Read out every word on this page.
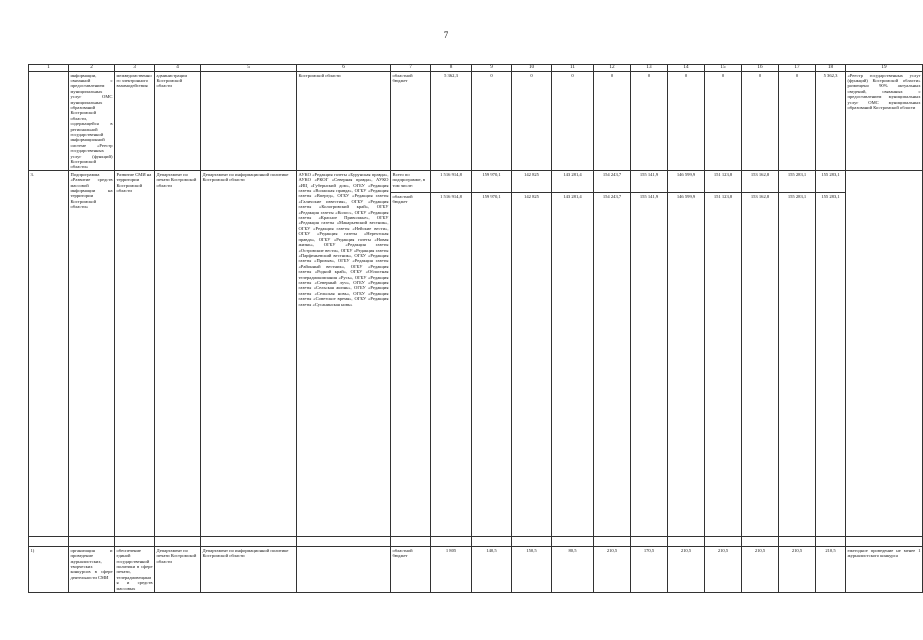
7
1	2	3	4	5	6	7	8	9	10	11	12	13	14	15	16	17	18	19
	информации, связанной с предоставлением муниципальных услуг ОМС муниципальных образований Костромской области, содержащейся в региональной государственной информационной системе «Реестр государственных услуг (функций) Костромской области»	межведомственного электронного взаимодействия	администрации Костромской области		Костромской области	областной бюджет	5 362,3	0	0	0	0	0	0	0	0	0	5 362,3	«Реестр государственных услуг (функций) Костромской области» размещено 90% актуальных сведений, связанных с предоставлением муниципальных услуг ОМС муниципальных образований Костромской области
3.	Подпрограмма «Развитие средств массовой информации на территории Костромской области»	Развитие СМИ на территории Костромской области	Департамент по печати Костромской области	Департамент по информационной политике Костромской области	АУКО «Редакция газеты «Бурунская правда», АУКО «РКОГ «Северная правда», АУКО «ИЦ «Губернский дом», ОГБУ «Редакция газеты «Волжская правда», ОГБУ «Редакция газеты «Вперед», ОГБУ «Редакция газеты «Галичские известия», ОГБУ «Редакция газеты «Кологривский край», ОГБУ «Редакция газеты «Колос», ОГБУ «Редакция газеты «Красное Приволжье», ОГБУ «Редакция газеты «Макарьевский вестник», ОГБУ «Редакция газеты «Нейские вести», ОГБУ «Редакция газеты «Нерехтская правда», ОГБУ «Редакция газеты «Новая жизнь», ОГБУ «Редакция газеты «Островские вести», ОГБУ «Редакция газеты «Парфеньевский вестник», ОГБУ «Редакция газеты «Призыв», ОГБУ «Редакция газеты «Районный вестник», ОГБУ «Редакция газеты «Родной край», ОГБУ «Областная телерадиокомпания «Русь», ОГБУ «Редакция газеты «Северный луч», ОГБУ «Редакция газеты «Сельская жизнь», ОГБУ «Редакция газеты «Сельская новь», ОГБУ «Редакция газеты «Советское время», ОГБУ «Редакция газеты «Сусанинская новь»	Всего по подпрограмме, в том числе:	1 516 914,8	159 970,1	142 825	143 281,4	154 243,7	155 141,9	146 599,9	151 123,8	153 162,8	155 283,1	155 283,1	
						областной бюджет	1 516 914,8	159 970,1	142 825	143 281,4	154 243,7	155 141,9	146 599,9	151 123,8	153 162,8	155 283,1	155 283,1	

1)	организация и проведение журналистских, творческих конкурсов в сфере деятельности СМИ	обеспечение единой государственной политики в сфере печати, телерадиовещания и средств массовых	Департамент по печати Костромской области	Департамент по информационной политике Костромской области		областной бюджет	1 805	140,5	150,5	80,5	210,5	170,5	210,5	210,5	210,5	210,5	210,5	ежегодное проведение не менее 1 журналистского конкурса
